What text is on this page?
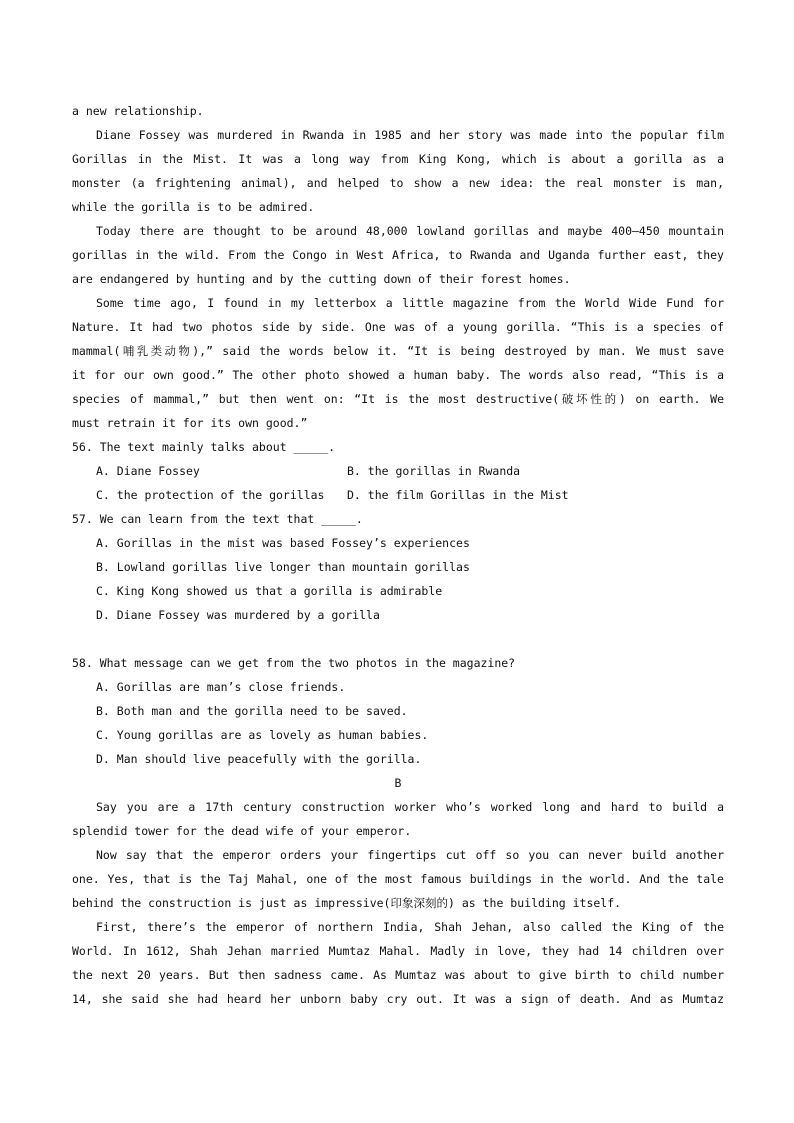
a new relationship.
Diane Fossey was murdered in Rwanda in 1985 and her story was made into the popular film
Gorillas in the Mist. It was a long way from King Kong, which is about a gorilla as a
monster (a frightening animal), and helped to show a new idea: the real monster is man,
while the gorilla is to be admired.
Today there are thought to be around 48,000 lowland gorillas and maybe 400—450 mountain
gorillas in the wild. From the Congo in West Africa, to Rwanda and Uganda further east, they
are endangered by hunting and by the cutting down of their forest homes.
Some time ago, I found in my letterbox a little magazine from the World Wide Fund for
Nature. It had two photos side by side. One was of a young gorilla. “This is a species of
mammal(哺乳类动物),” said the words below it. “It is being destroyed by man. We must save
it for our own good.” The other photo showed a human baby. The words also read, “This is a
species of mammal,” but then went on: “It is the most destructive(破坏性的) on earth. We
must retrain it for its own good.”
56. The text mainly talks about _____.
A. Diane Fossey	B. the gorillas in Rwanda
C. the protection of the gorillas	D. the film Gorillas in the Mist
57. We can learn from the text that _____.
A. Gorillas in the mist was based Fossey’s experiences
B. Lowland gorillas live longer than mountain gorillas
C. King Kong showed us that a gorilla is admirable
D. Diane Fossey was murdered by a gorilla
58. What message can we get from the two photos in the magazine?
A. Gorillas are man’s close friends.
B. Both man and the gorilla need to be saved.
C. Young gorillas are as lovely as human babies.
D. Man should live peacefully with the gorilla.
B
Say you are a 17th century construction worker who’s worked long and hard to build a
splendid tower for the dead wife of your emperor.
Now say that the emperor orders your fingertips cut off so you can never build another
one. Yes, that is the Taj Mahal, one of the most famous buildings in the world. And the tale
behind the construction is just as impressive(印象深刻的) as the building itself.
First, there’s the emperor of northern India, Shah Jehan, also called the King of the
World. In 1612, Shah Jehan married Mumtaz Mahal. Madly in love, they had 14 children over
the next 20 years. But then sadness came. As Mumtaz was about to give birth to child number
14, she said she had heard her unborn baby cry out. It was a sign of death. And as Mumtaz
